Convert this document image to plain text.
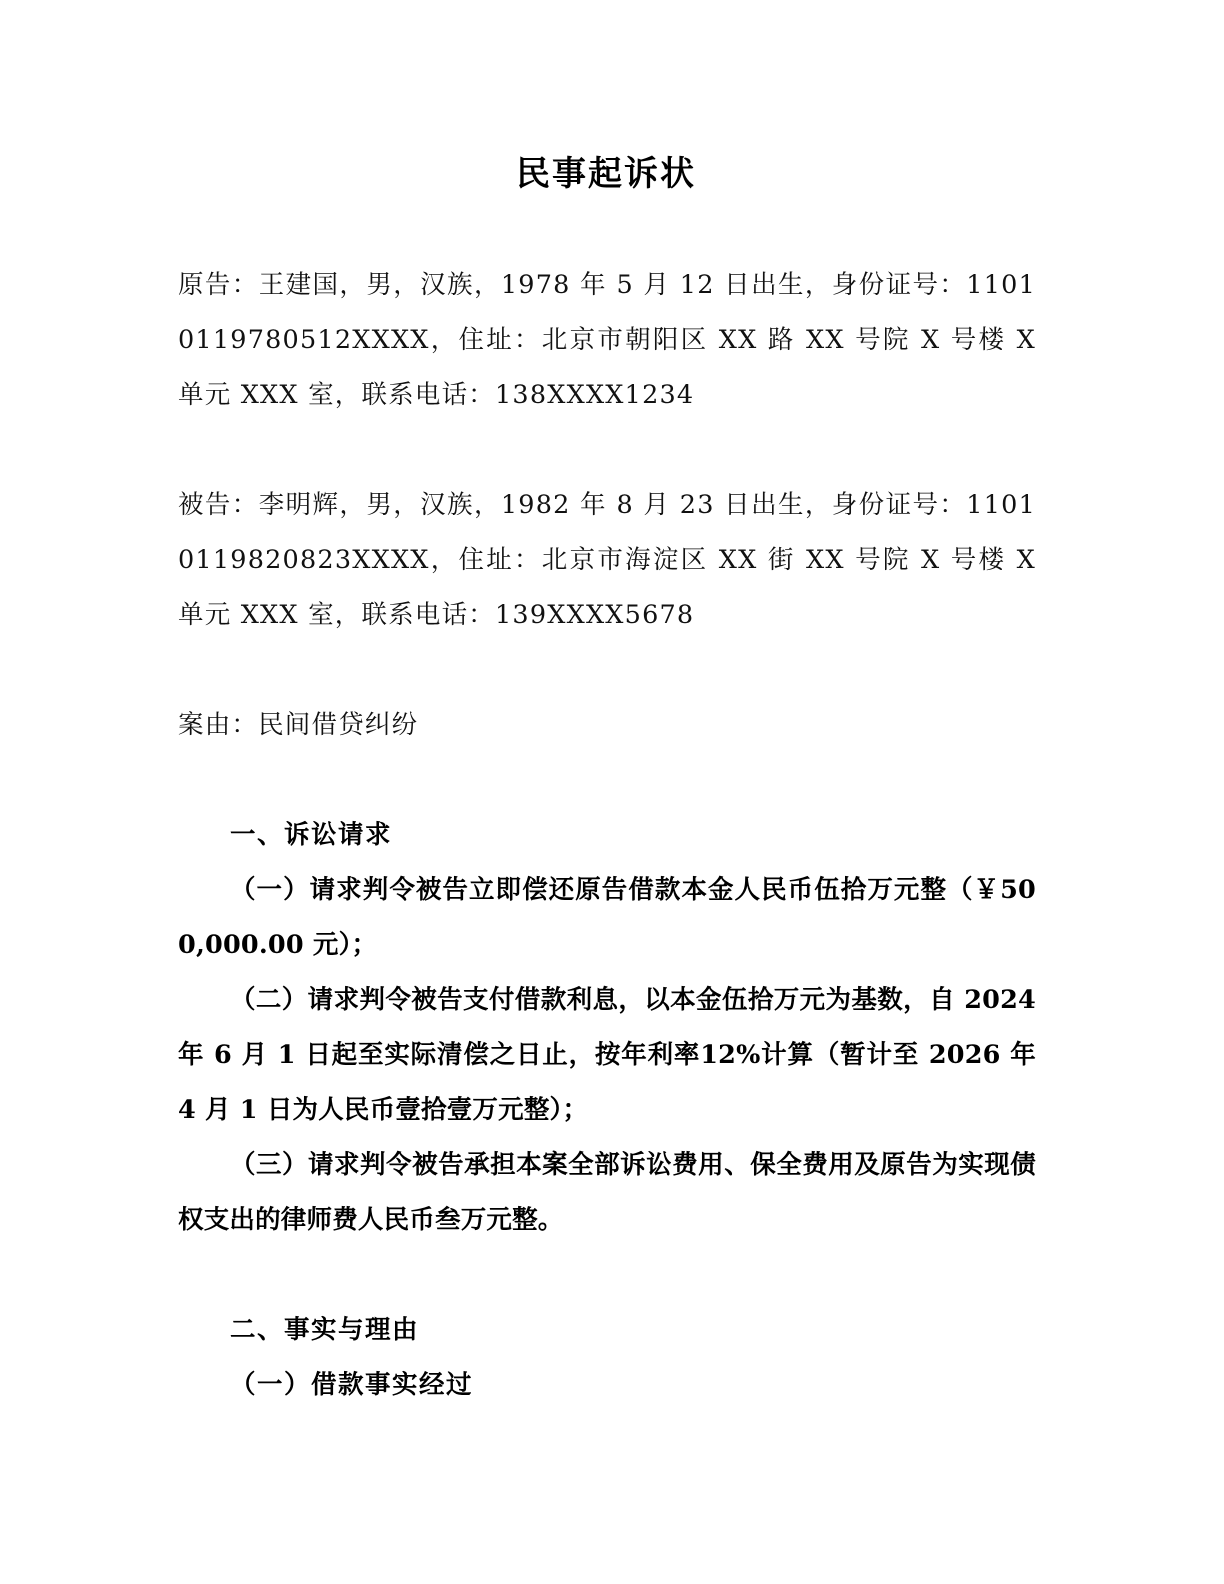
民事起诉状
原告：王建国，男，汉族，1978 年 5 月 12 日出生，身份证号：11010119780512XXXX，住址：北京市朝阳区 XX 路 XX 号院 X 号楼 X 单元 XXX 室，联系电话：138XXXX1234
被告：李明辉，男，汉族，1982 年 8 月 23 日出生，身份证号：11010119820823XXXX，住址：北京市海淀区 XX 街 XX 号院 X 号楼 X 单元 XXX 室，联系电话：139XXXX5678
案由：民间借贷纠纷
一、诉讼请求
（一）请求判令被告立即偿还原告借款本金人民币伍拾万元整（￥500,000.00 元）；
（二）请求判令被告支付借款利息，以本金伍拾万元为基数，自 2024 年 6 月 1 日起至实际清偿之日止，按年利率12%计算（暂计至 2026 年 4 月 1 日为人民币壹拾壹万元整）；
（三）请求判令被告承担本案全部诉讼费用、保全费用及原告为实现债权支出的律师费人民币叁万元整。
二、事实与理由
（一）借款事实经过
